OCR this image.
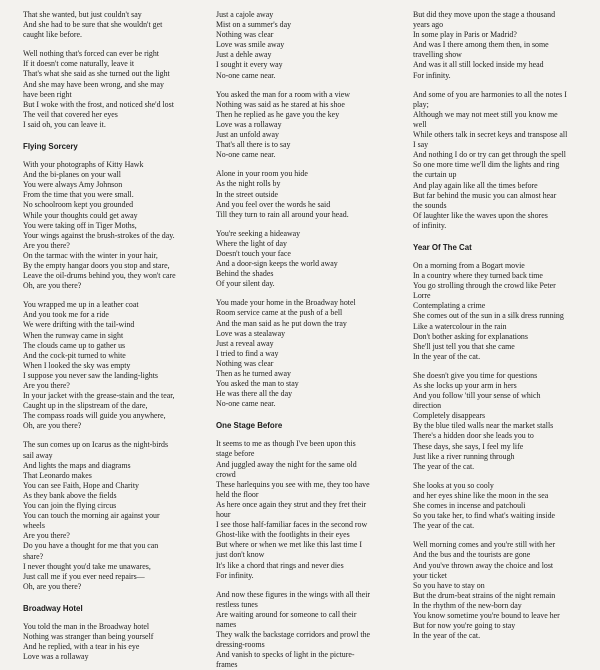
That she wanted, but just couldn't say
And she had to be sure that she wouldn't get
caught like before.
Well nothing that's forced can ever be right
If it doesn't come naturally, leave it
That's what she said as she turned out the light
And she may have been wrong, and she may
have been right
But I woke with the frost, and noticed she'd lost
The veil that covered her eyes
I said oh, you can leave it.
Flying Sorcery
With your photographs of Kitty Hawk
And the bi-planes on your wall
You were always Amy Johnson
From the time that you were small.
No schoolroom kept you grounded
While your thoughts could get away
You were taking off in Tiger Moths,
Your wings against the brush-strokes of the day.
Are you there?
On the tarmac with the winter in your hair,
By the empty hangar doors you stop and stare,
Leave the oil-drums behind you, they won't care
Oh, are you there?
You wrapped me up in a leather coat
And you took me for a ride
We were drifting with the tail-wind
When the runway came in sight
The clouds came up to gather us
And the cock-pit turned to white
When I looked the sky was empty
I suppose you never saw the landing-lights
Are you there?
In your jacket with the grease-stain and the tear,
Caught up in the slipstream of the dare,
The compass roads will guide you anywhere,
Oh, are you there?
The sun comes up on Icarus as the night-birds
sail away
And lights the maps and diagrams
That Leonardo makes
You can see Faith, Hope and Charity
As they bank above the fields
You can join the flying circus
You can touch the morning air against your
wheels
Are you there?
Do you have a thought for me that you can
share?
I never thought you'd take me unawares,
Just call me if you ever need repairs—
Oh, are you there?
Broadway Hotel
You told the man in the Broadway hotel
Nothing was stranger than being yourself
And he replied, with a tear in his eye
Love was a rollaway
Just a cajole away
Mist on a summer's day
Nothing was clear
Love was smile away
Just a dehle away
I sought it every way
No-one came near.
You asked the man for a room with a view
Nothing was said as he stared at his shoe
Then he replied as he gave you the key
Love was a rollaway
Just an unfold away
That's all there is to say
No-one came near.
Alone in your room you hide
As the night rolls by
In the street outside
And you feel over the words he said
Till they turn to rain all around your head.
You're seeking a hideaway
Where the light of day
Doesn't touch your face
And a door-sign keeps the world away
Behind the shades
Of your silent day.
You made your home in the Broadway hotel
Room service came at the push of a bell
And the man said as he put down the tray
Love was a stealaway
Just a reveal away
I tried to find a way
Nothing was clear
Then as he turned away
You asked the man to stay
He was there all the day
No-one came near.
One Stage Before
It seems to me as though I've been upon this
stage before
And juggled away the night for the same old
crowd
These harlequins you see with me, they too have
held the floor
As here once again they strut and they fret their
hour
I see those half-familiar faces in the second row
Ghost-like with the footlights in their eyes
But where or when we met like this last time I
just don't know
It's like a chord that rings and never dies
For infinity.
And now these figures in the wings with all their
restless tunes
Are waiting around for someone to call their
names
They walk the backstage corridors and prowl the
dressing-rooms
And vanish to specks of light in the picture-
frames
But did they move upon the stage a thousand
years ago
In some play in Paris or Madrid?
And was I there among them then, in some
travelling show
And was it all still locked inside my head
For infinity.
And some of you are harmonies to all the notes I
play;
Although we may not meet still you know me
well
While others talk in secret keys and transpose all
I say
And nothing I do or try can get through the spell
So one more time we'll dim the lights and ring
the curtain up
And play again like all the times before
But far behind the music you can almost hear
the sounds
Of laughter like the waves upon the shores
of infinity.
Year Of The Cat
On a morning from a Bogart movie
In a country where they turned back time
You go strolling through the crowd like Peter
Lorre
Contemplating a crime
She comes out of the sun in a silk dress running
Like a watercolour in the rain
Don't bother asking for explanations
She'll just tell you that she came
In the year of the cat.
She doesn't give you time for questions
As she locks up your arm in hers
And you follow 'till your sense of which
direction
Completely disappears
By the blue tiled walls near the market stalls
There's a hidden door she leads you to
These days, she says, I feel my life
Just like a river running through
The year of the cat.
She looks at you so cooly
and her eyes shine like the moon in the sea
She comes in incense and patchouli
So you take her, to find what's waiting inside
The year of the cat.
Well morning comes and you're still with her
And the bus and the tourists are gone
And you've thrown away the choice and lost
your ticket
So you have to stay on
But the drum-beat strains of the night remain
In the rhythm of the new-born day
You know sometime you're bound to leave her
But for now you're going to stay
In the year of the cat.
